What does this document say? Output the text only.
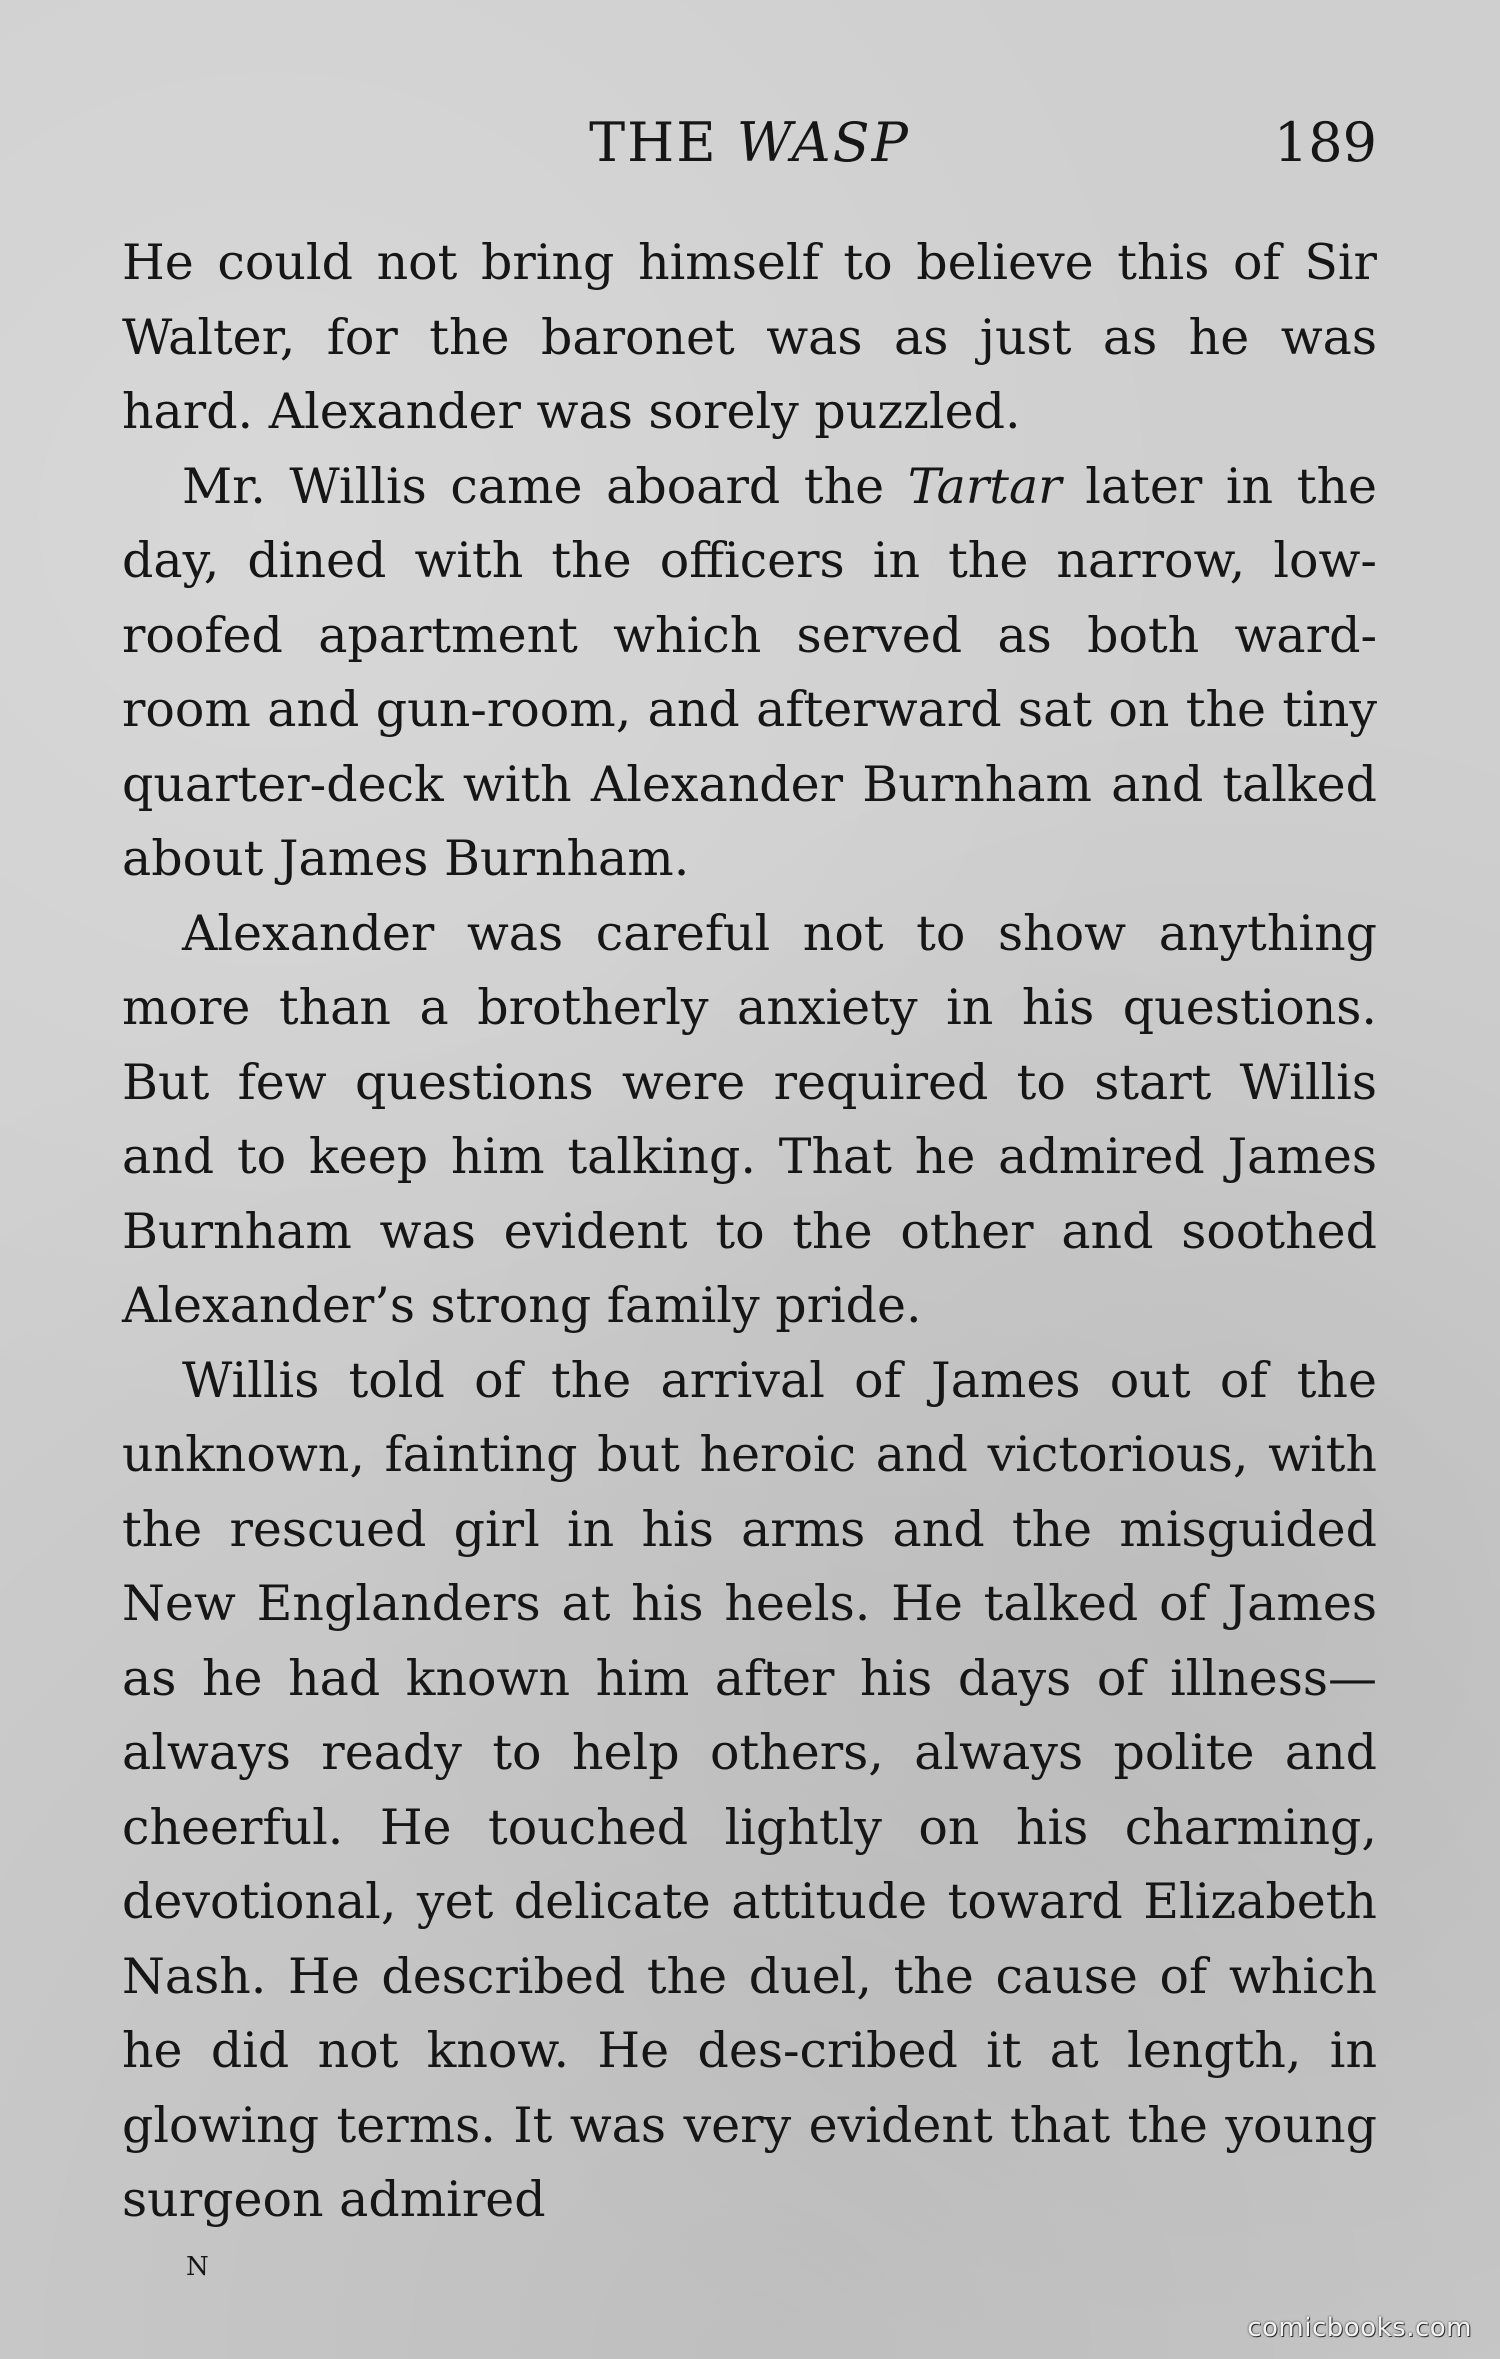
THE WASP	189

He could not bring himself to believe this of Sir Walter, for the baronet was as just as he was hard. Alexander was sorely puzzled.

Mr. Willis came aboard the Tartar later in the day, dined with the officers in the narrow, low-roofed apartment which served as both ward-room and gun-room, and afterward sat on the tiny quarter-deck with Alexander Burnham and talked about James Burnham.

Alexander was careful not to show anything more than a brotherly anxiety in his questions. But few questions were required to start Willis and to keep him talking. That he admired James Burnham was evident to the other and soothed Alexander’s strong family pride.

Willis told of the arrival of James out of the unknown, fainting but heroic and victorious, with the rescued girl in his arms and the misguided New Englanders at his heels. He talked of James as he had known him after his days of illness—always ready to help others, always polite and cheerful. He touched lightly on his charming, devotional, yet delicate attitude toward Elizabeth Nash. He described the duel, the cause of which he did not know. He des-cribed it at length, in glowing terms. It was very evident that the young surgeon admired

N
comicbooks.com
